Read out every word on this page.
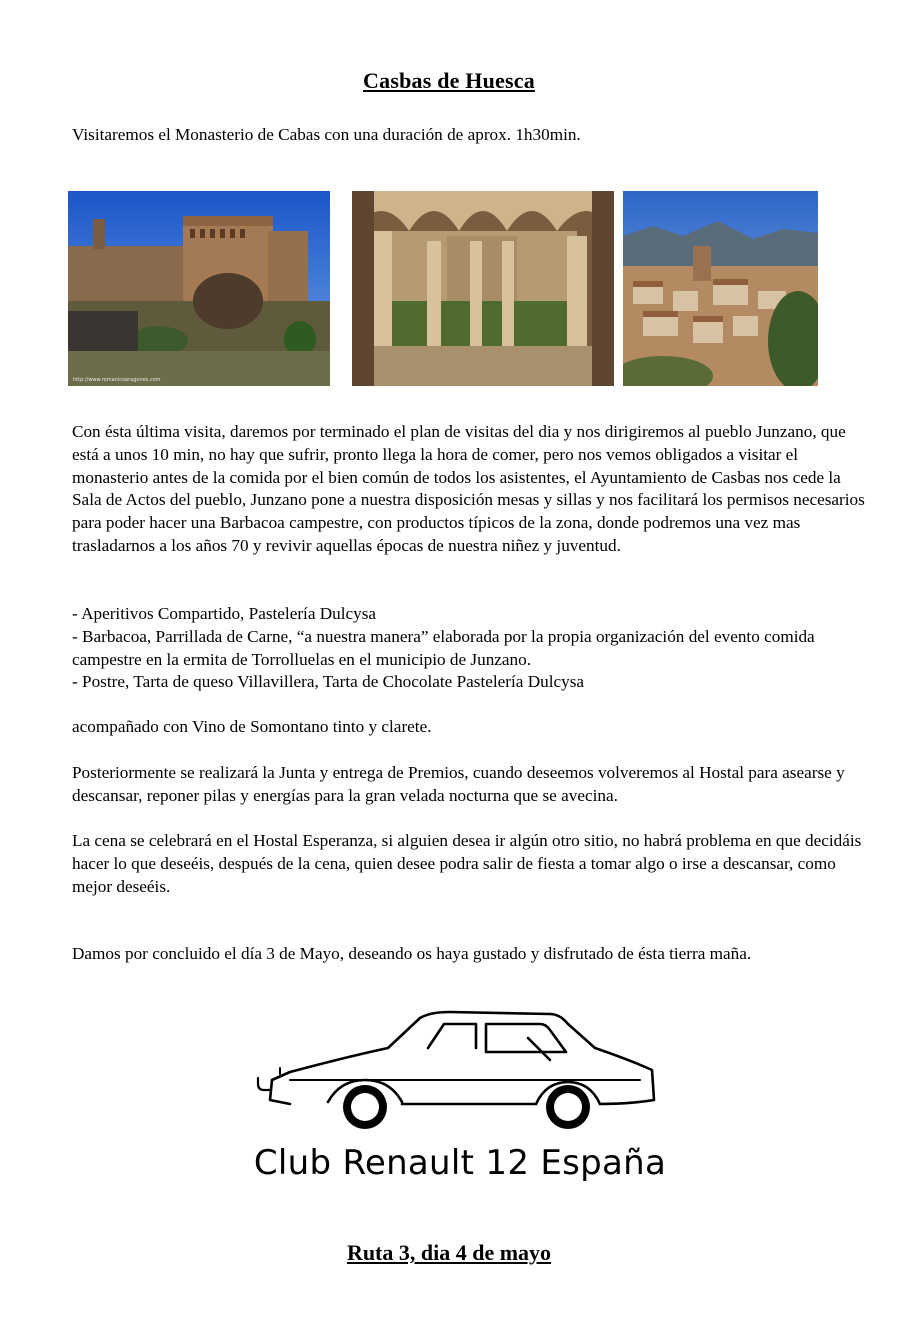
Casbas de Huesca

Visitaremos el Monasterio de Cabas con una duración de aprox. 1h30min.

http://www.romanicoaragones.com

Con ésta última visita, daremos por terminado el plan de visitas del dia y nos dirigiremos al pueblo Junzano, que está a unos 10 min, no hay que sufrir, pronto llega la hora de comer, pero nos vemos obligados a visitar el monasterio antes de la comida por el bien común de todos los asistentes, el Ayuntamiento de Casbas nos cede la Sala de Actos del pueblo, Junzano pone a nuestra disposición mesas y sillas y nos facilitará los permisos necesarios para poder hacer una Barbacoa campestre, con productos típicos de la zona, donde podremos una vez mas trasladarnos a los años 70 y revivir aquellas épocas de nuestra niñez y juventud.

- Aperitivos Compartido, Pastelería Dulcysa
- Barbacoa, Parrillada de Carne, “a nuestra manera” elaborada por la propia organización del evento comida campestre en la ermita de Torrolluelas en el municipio de Junzano.
- Postre, Tarta de queso Villavillera, Tarta de Chocolate Pastelería Dulcysa

acompañado con Vino de Somontano tinto y clarete.

Posteriormente se realizará la Junta y entrega de Premios, cuando deseemos volveremos al Hostal para asearse y descansar, reponer pilas y energías para la gran velada nocturna que se avecina.

La cena se celebrará en el Hostal Esperanza, si alguien desea ir algún otro sitio, no habrá problema en que decidáis hacer lo que deseéis, después de la cena, quien desee podra salir de fiesta a tomar algo o irse a descansar, como mejor deseéis.

Damos por concluido el día 3 de Mayo, deseando os haya gustado y disfrutado de ésta tierra maña.

Club Renault 12 España
Ruta 3, dia 4 de mayo
